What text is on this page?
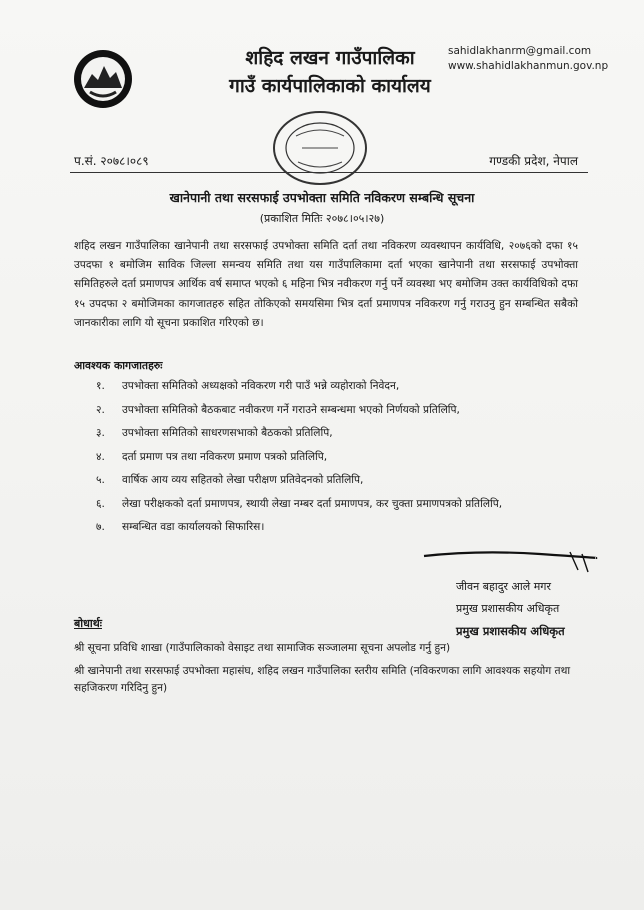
शहिद लखन गाउँपालिका
गाउँ कार्यपालिकाको कार्यालय
sahidlakhanrm@gmail.com
www.shahidlakhanmun.gov.np
प.सं. २०७८।०८९	गण्डकी प्रदेश, नेपाल
खानेपानी तथा सरसफाई उपभोक्ता समिति नविकरण सम्बन्धि सूचना
(प्रकाशित मितिः २०७८।०५।२७)
शहिद लखन गाउँपालिका खानेपानी तथा सरसफाई उपभोक्ता समिति दर्ता तथा नविकरण व्यवस्थापन कार्यविधि, २०७६को दफा १५ उपदफा १ बमोजिम साविक जिल्ला समन्वय समिति तथा यस गाउँपालिकामा दर्ता भएका खानेपानी तथा सरसफाई उपभोक्ता समितिहरुले दर्ता प्रमाणपत्र आर्थिक वर्ष समाप्त भएको ६ महिना भित्र नवीकरण गर्नु पर्ने व्यवस्था भए बमोजिम उक्त कार्यविधिको दफा १५ उपदफा २ बमोजिमका कागजातहरु सहित तोकिएको समयसिमा भित्र दर्ता प्रमाणपत्र नविकरण गर्नु गराउनु हुन सम्बन्धित सबैको जानकारीका लागि यो सूचना प्रकाशित गरिएको छ।
आवश्यक कागजातहरुः
१.	उपभोक्ता समितिको अध्यक्षको नविकरण गरी पाउँ भन्ने व्यहोराको निवेदन,
२.	उपभोक्ता समितिको बैठकबाट नवीकरण गर्ने गराउने सम्बन्धमा भएको निर्णयको प्रतिलिपि,
३.	उपभोक्ता समितिको साधरणसभाको बैठकको प्रतिलिपि,
४.	दर्ता प्रमाण पत्र तथा नविकरण प्रमाण पत्रको प्रतिलिपि,
५.	वार्षिक आय व्यय सहितको लेखा परीक्षण प्रतिवेदनको प्रतिलिपि,
६.	लेखा परीक्षकको दर्ता प्रमाणपत्र, स्थायी लेखा नम्बर दर्ता प्रमाणपत्र, कर चुक्ता प्रमाणपत्रको प्रतिलिपि,
७.	सम्बन्धित वडा कार्यालयको सिफारिस।
जीवन बहादुर आले मगर
प्रमुख प्रशासकीय अधिकृत
प्रमुख प्रशासकीय अधिकृत
बोधार्थः
श्री सूचना प्रविधि शाखा (गाउँपालिकाको वेसाइट तथा सामाजिक सञ्जालमा सूचना अपलोड गर्नु हुन)
श्री खानेपानी तथा सरसफाई उपभोक्ता महासंघ, शहिद लखन गाउँपालिका स्तरीय समिति (नविकरणका लागि आवश्यक सहयोग तथा सहजिकरण गरिदिनु हुन)
